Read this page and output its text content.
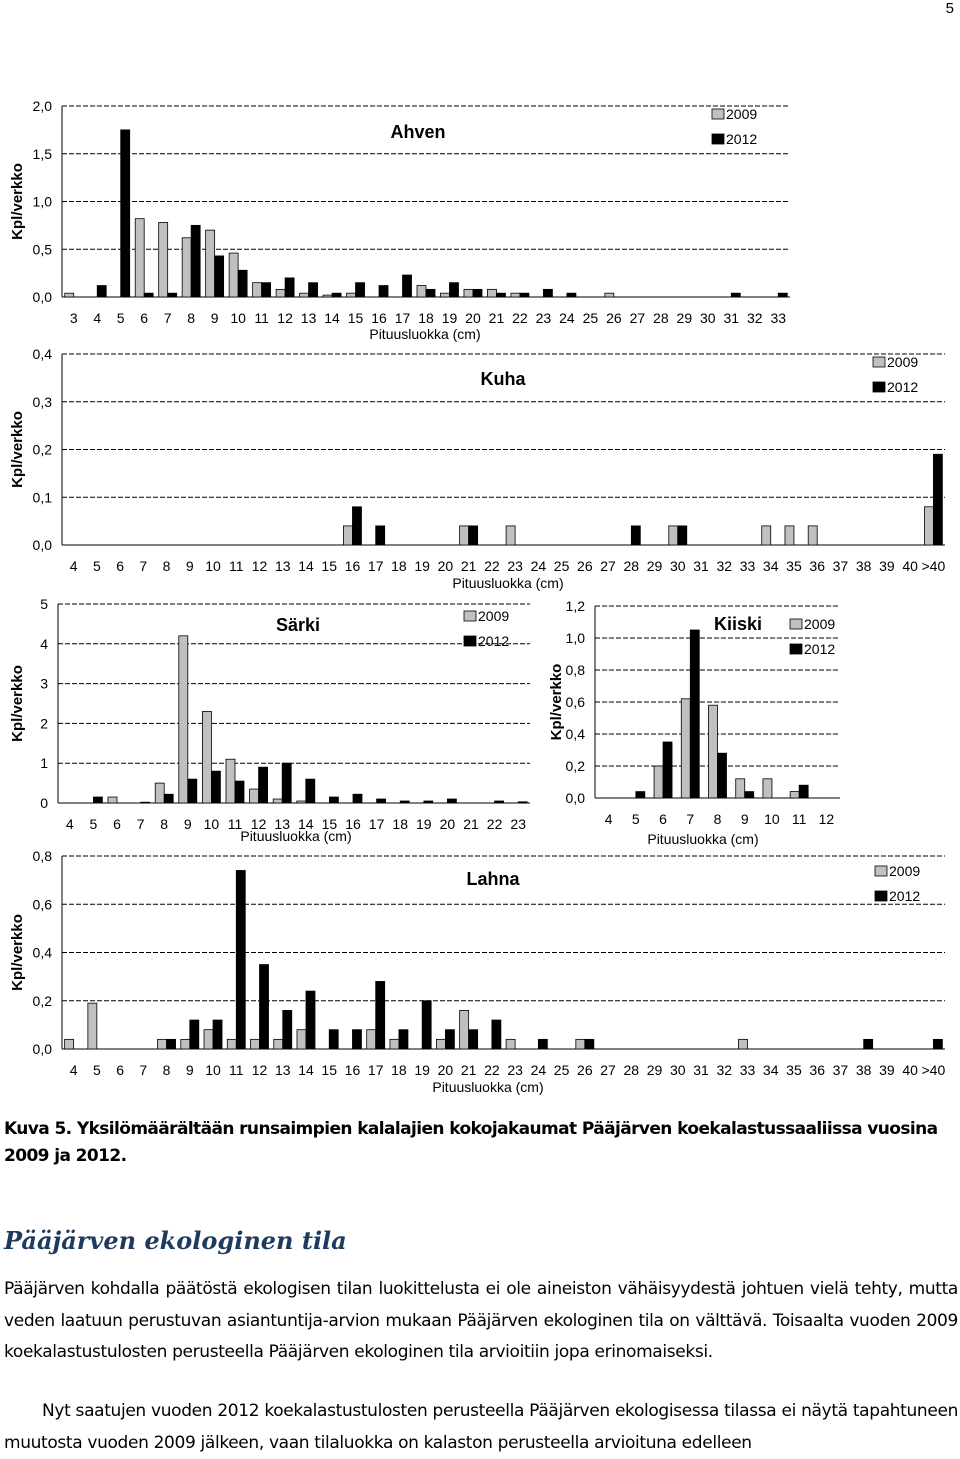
5
0,0
0,5
1,0
1,5
2,0
3 4 5 6 7 8 9 10 11 12 13 14 15 16 17 18 19 20 21 22 23 24 25 26 27 28 29 30 31 32 33
Pituusluokka (cm)
Kpl/verkko
Ahven
2009
2012
0,0
0,1
0,2
0,3
0,4
4 5 6 7 8 9 10 11 12 13 14 15 16 17 18 19 20 21 22 23 24 25 26 27 28 29 30 31 32 33 34 35 36 37 38 39 40 >40
Pituusluokka (cm)
Kpl/verkko
Kuha
2009
2012
0
1
2
3
4
5
4 5 6 7 8 9 10 11 12 13 14 15 16 17 18 19 20 21 22 23
Pituusluokka (cm)
Kpl/verkko
Särki	2009
2012
0,0
0,2
0,4
0,6
0,8
1,0
1,2
4 5 6 7 8 9 10 11 12
Pituusluokka (cm)
Kpl/verkko
Kiiski	2009
2012
0,0
0,2
0,4
0,6
0,8
4 5 6 7 8 9 10 11 12 13 14 15 16 17 18 19 20 21 22 23 24 25 26 27 28 29 30 31 32 33 34 35 36 37 38 39 40 >40
Pituusluokka (cm)
Kpl/verkko
Lahna	2009
2012
Kuva 5. Yksilömäärältään runsaimpien kalalajien kokojakaumat Pääjärven koekalastussaaliissa vuosina 2009 ja 2012.
Pääjärven ekologinen tila
Pääjärven kohdalla päätöstä ekologisen tilan luokittelusta ei ole aineiston vähäisyydestä johtuen vielä tehty, mutta veden laatuun perustuvan asiantuntija-arvion mukaan Pääjärven ekologinen tila on välttävä. Toisaalta vuoden 2009 koekalastustulosten perusteella Pääjärven ekologinen tila arvioitiin jopa erinomaiseksi.
Nyt saatujen vuoden 2012 koekalastustulosten perusteella Pääjärven ekologisessa tilassa ei näytä tapahtuneen muutosta vuoden 2009 jälkeen, vaan tilaluokka on kalaston perusteella arvioituna edelleen
